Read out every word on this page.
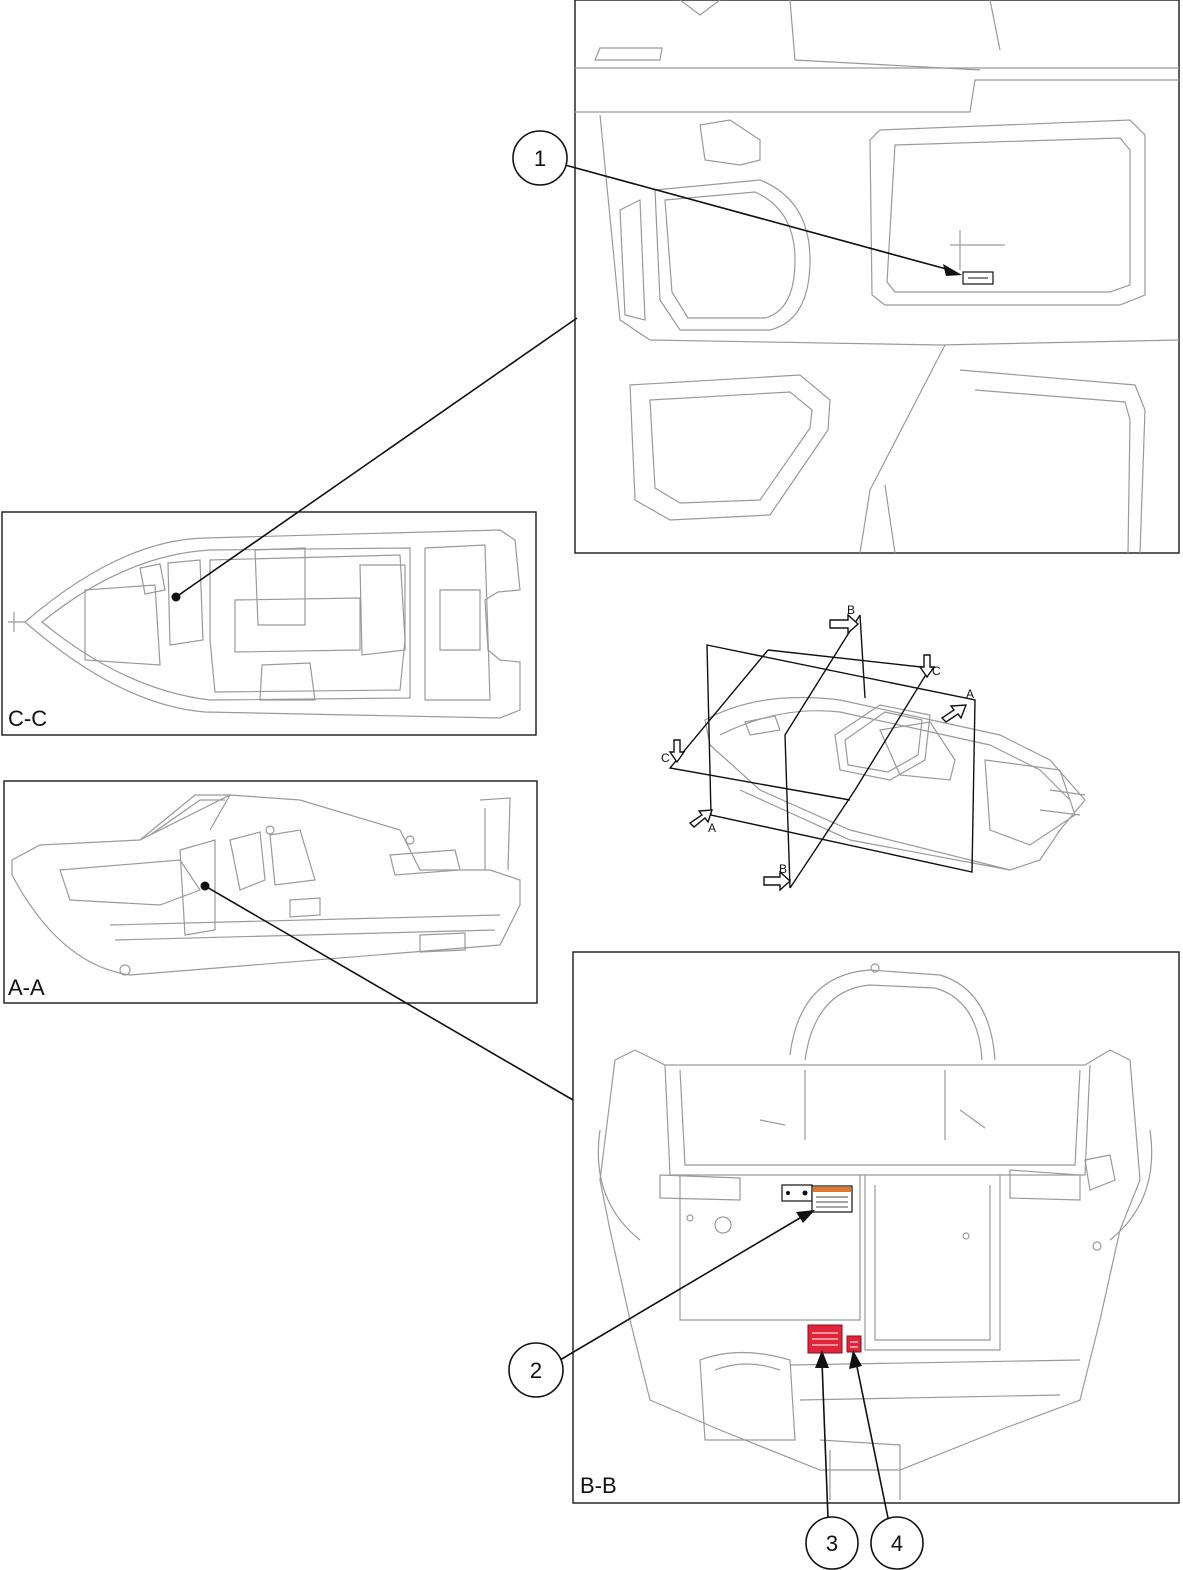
C-C
A-A
B
B
A
A
C
C
B-B
1
2
3 4
